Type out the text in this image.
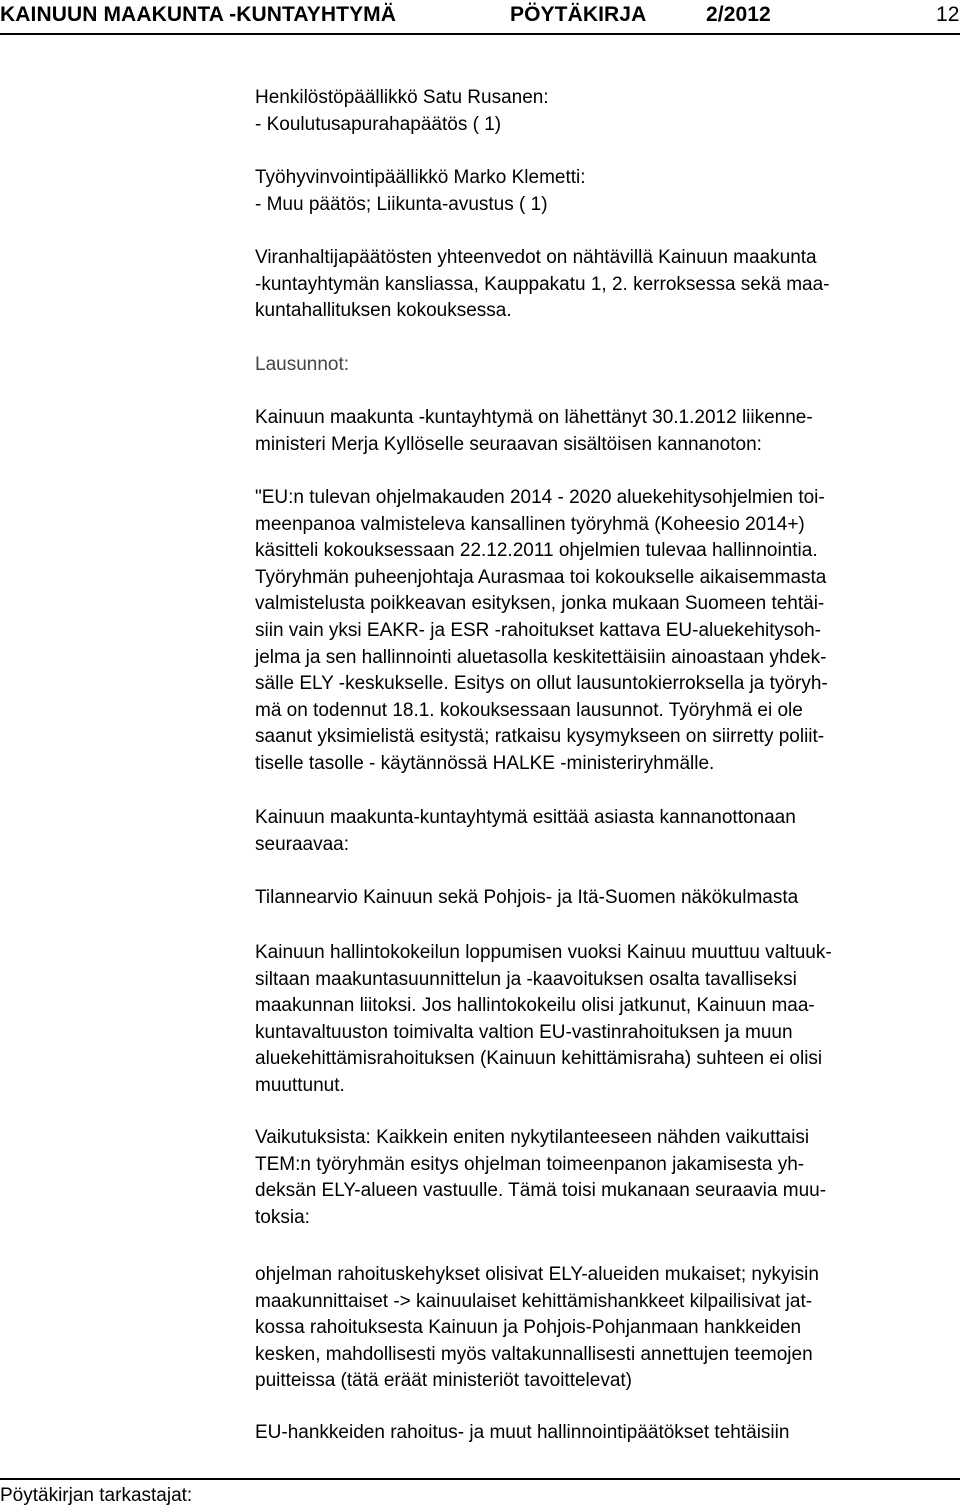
KAINUUN MAAKUNTA -KUNTAYHTYMÄ	PÖYTÄKIRJA	2/2012	12
Henkilöstöpäällikkö Satu Rusanen:
- Koulutusapurahapäätös ( 1)
Työhyvinvointipäällikkö Marko Klemetti:
- Muu päätös; Liikunta-avustus ( 1)
Viranhaltijapäätösten yhteenvedot on nähtävillä Kainuun maakunta
-kuntayhtymän kansliassa, Kauppakatu 1, 2. kerroksessa sekä maa-
kuntahallituksen kokouksessa.
Lausunnot:
Kainuun maakunta -kuntayhtymä on lähettänyt 30.1.2012 liikenne-
ministeri Merja Kyllöselle seuraavan sisältöisen kannanoton:
"EU:n tulevan ohjelmakauden 2014 - 2020 aluekehitysohjelmien toi-
meenpanoa valmisteleva kansallinen työryhmä (Koheesio 2014+)
käsitteli kokouksessaan 22.12.2011 ohjelmien tulevaa hallinnointia.
Työryhmän puheenjohtaja Aurasmaa toi kokoukselle aikaisemmasta
valmistelusta poikkeavan esityksen, jonka mukaan Suomeen tehtäi-
siin vain yksi EAKR- ja ESR -rahoitukset kattava EU-aluekehitysoh-
jelma ja sen hallinnointi aluetasolla keskitettäisiin ainoastaan yhdek-
sälle ELY -keskukselle. Esitys on ollut lausuntokierroksella ja työryh-
mä on todennut 18.1. kokouksessaan lausunnot. Työryhmä ei ole
saanut yksimielistä esitystä; ratkaisu kysymykseen on siirretty poliit-
tiselle tasolle - käytännössä HALKE -ministeriryhmälle.
Kainuun maakunta-kuntayhtymä esittää asiasta kannanottonaan
seuraavaa:
Tilannearvio Kainuun sekä Pohjois- ja Itä-Suomen näkökulmasta
Kainuun hallintokokeilun loppumisen vuoksi Kainuu muuttuu valtuuk-
siltaan maakuntasuunnittelun ja -kaavoituksen osalta tavalliseksi
maakunnan liitoksi. Jos hallintokokeilu olisi jatkunut, Kainuun maa-
kuntavaltuuston toimivalta valtion EU-vastinrahoituksen ja muun
aluekehittämisrahoituksen (Kainuun kehittämisraha) suhteen ei olisi
muuttunut.
Vaikutuksista: Kaikkein eniten nykytilanteeseen nähden vaikuttaisi
TEM:n työryhmän esitys ohjelman toimeenpanon jakamisesta yh-
deksän ELY-alueen vastuulle. Tämä toisi mukanaan seuraavia muu-
toksia:
ohjelman rahoituskehykset olisivat ELY-alueiden mukaiset; nykyisin
maakunnittaiset -> kainuulaiset kehittämishankkeet kilpailisivat jat-
kossa rahoituksesta Kainuun ja Pohjois-Pohjanmaan hankkeiden
kesken, mahdollisesti myös valtakunnallisesti annettujen teemojen
puitteissa (tätä eräät ministeriöt tavoittelevat)
EU-hankkeiden rahoitus- ja muut hallinnointipäätökset tehtäisiin
Pöytäkirjan tarkastajat:
